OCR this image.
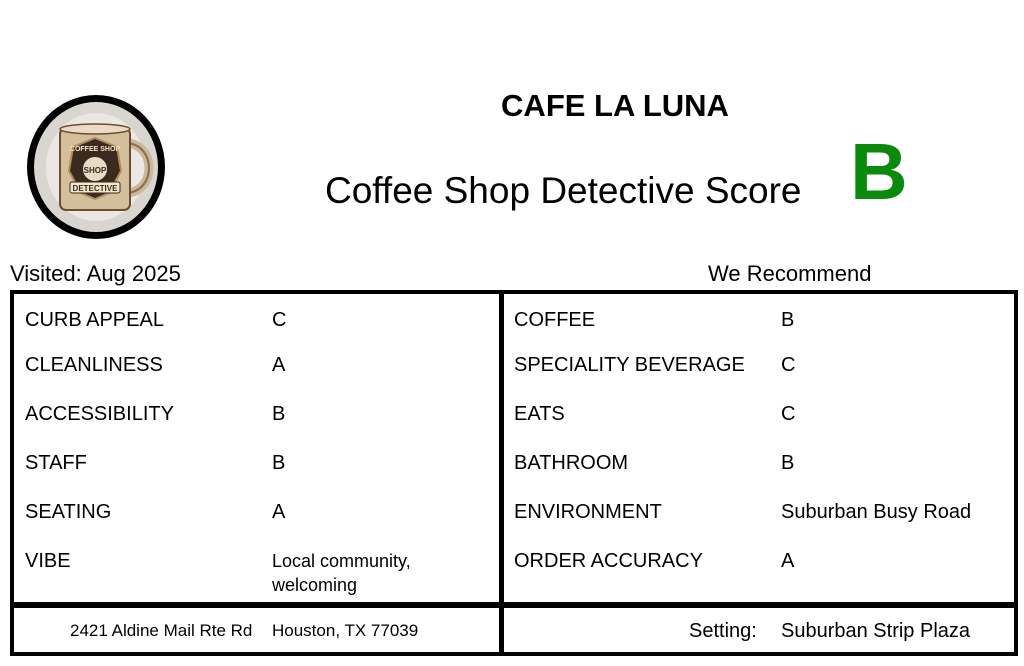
COFFEE SHOP
SHOP
DETECTIVE
CAFE LA LUNA
Coffee Shop Detective Score B
Visited: Aug 2025	We Recommend
CURB APPEAL	C
CLEANLINESS	A
ACCESSIBILITY	B
STAFF	B
SEATING	A
VIBE	Local community, welcoming
COFFEE	B
SPECIALITY BEVERAGE C
EATS	C
BATHROOM	B
ENVIRONMENT	Suburban Busy Road
ORDER ACCURACY	A
2421 Aldine Mail Rte Rd Houston, TX 77039	Setting: Suburban Strip Plaza
